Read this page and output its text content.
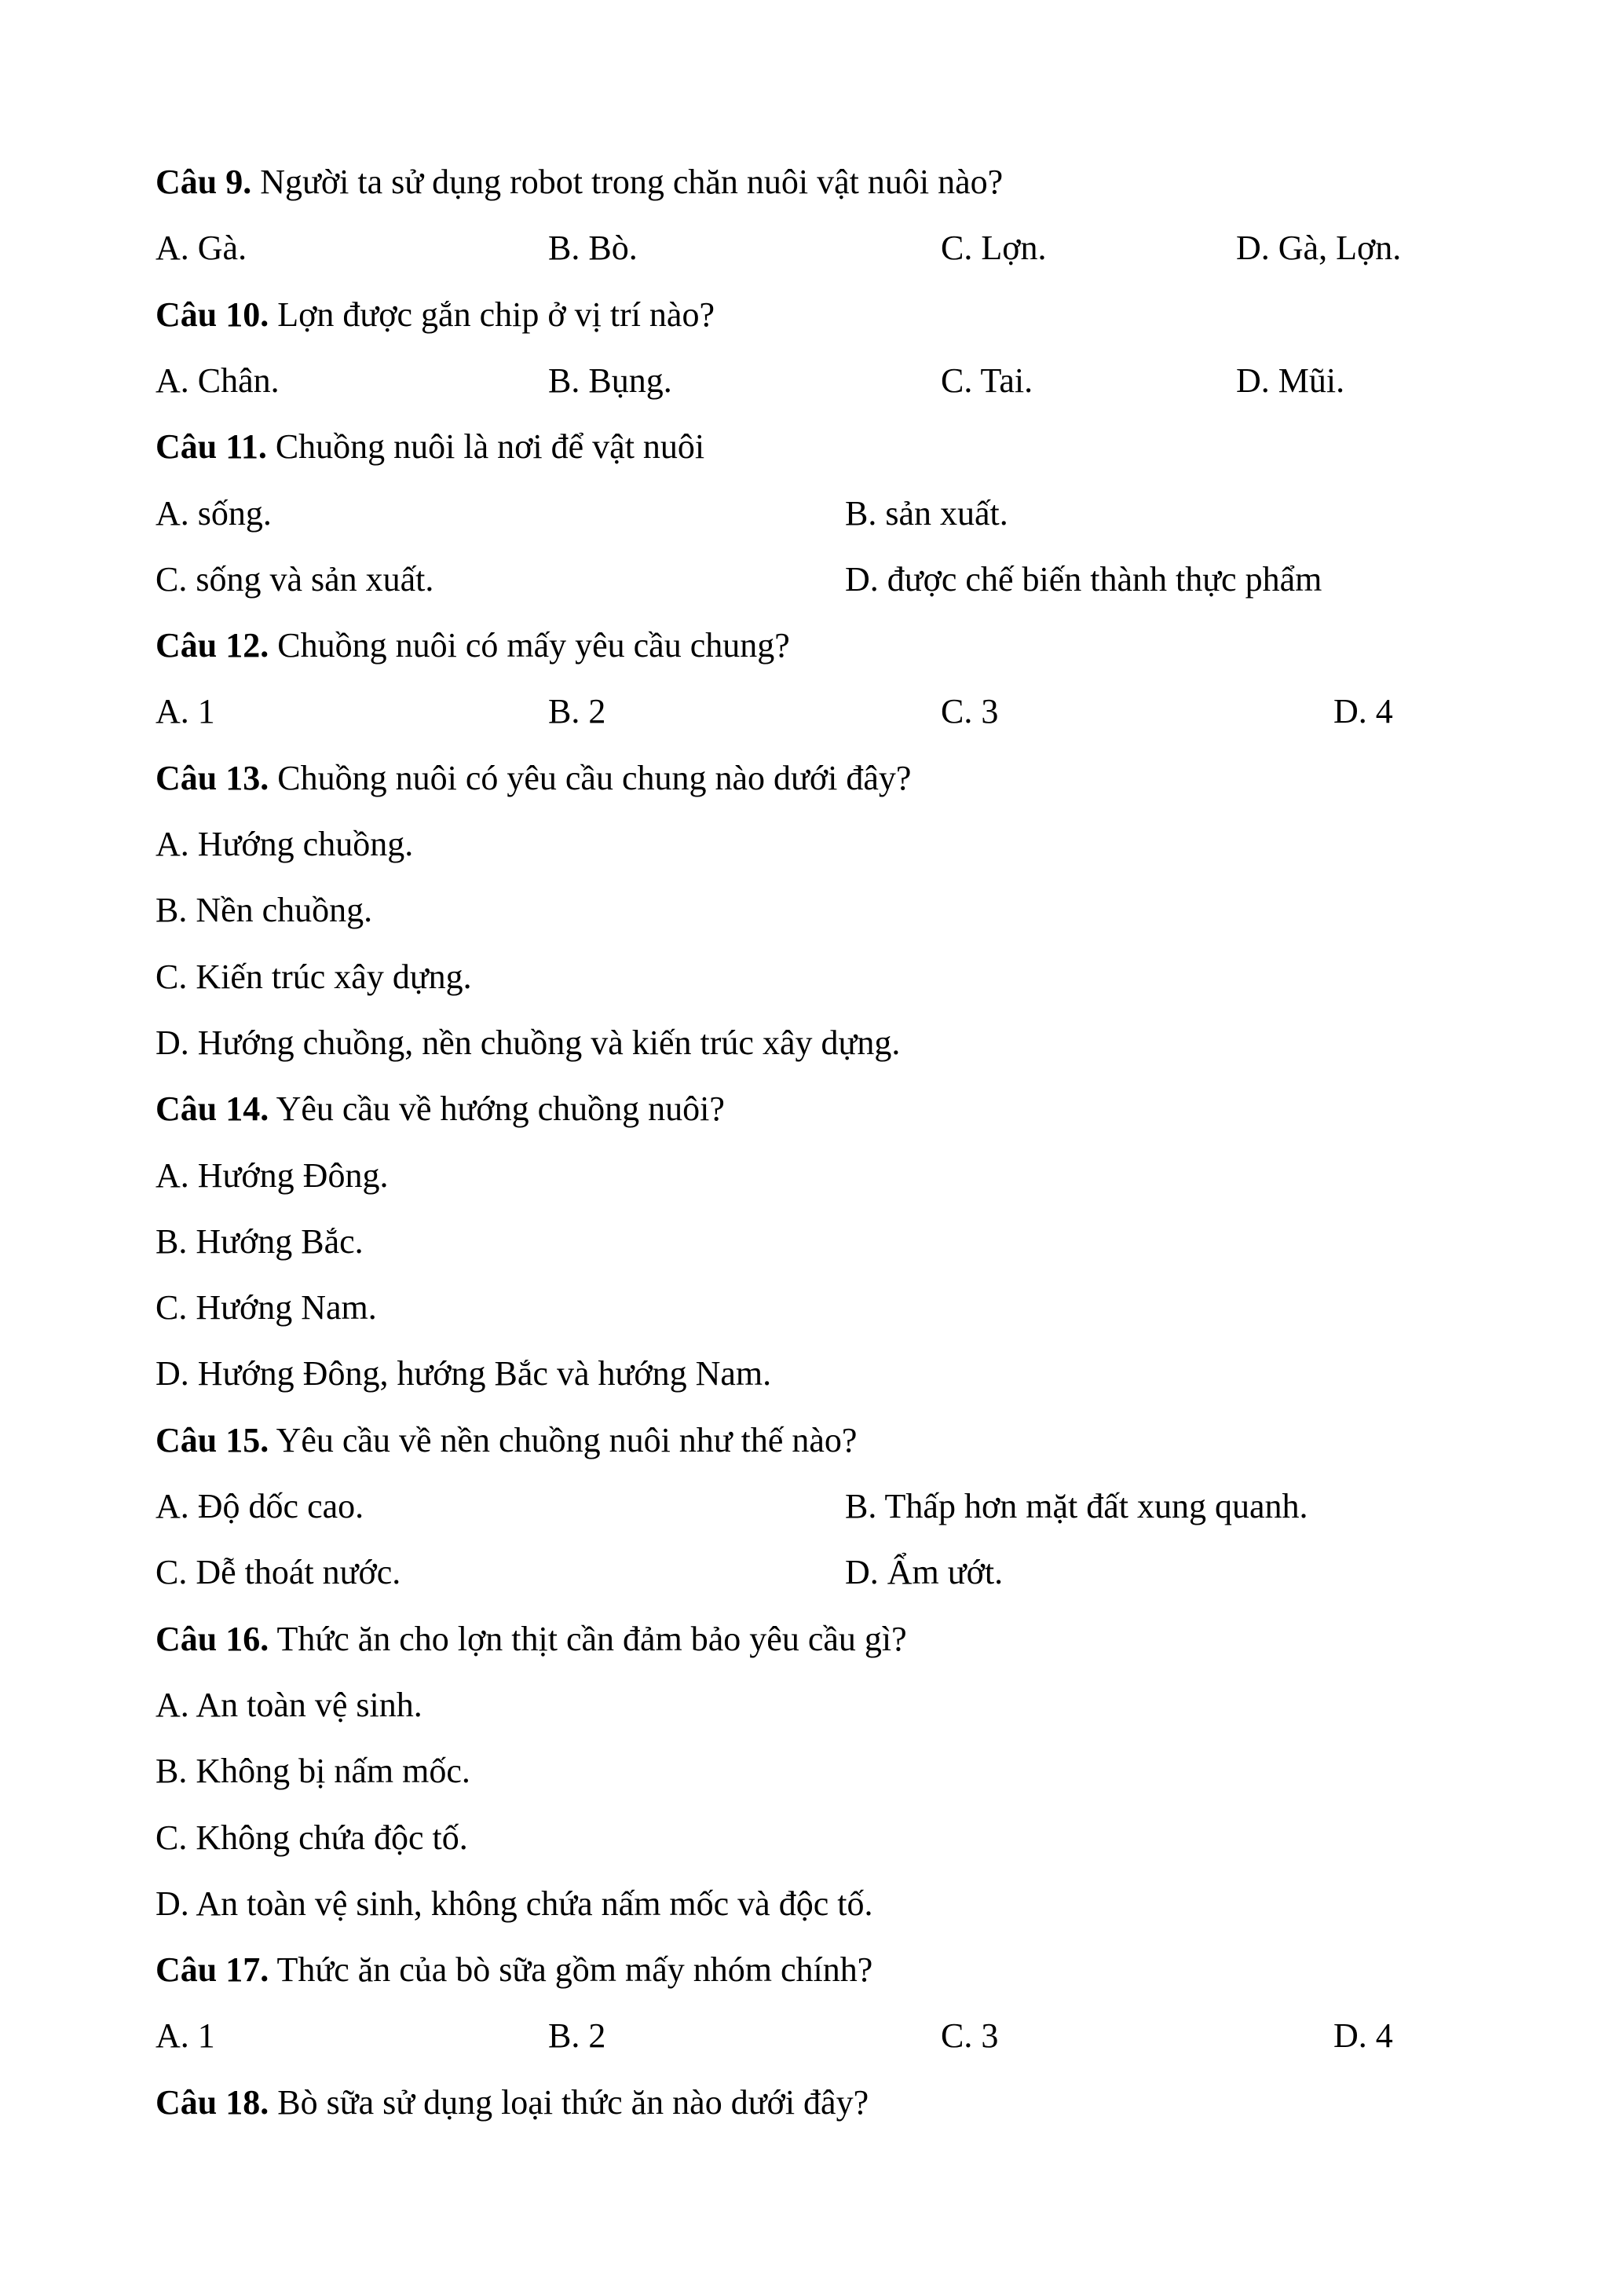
Câu 9. Người ta sử dụng robot trong chăn nuôi vật nuôi nào?
A. Gà.	B. Bò.	C. Lợn.	D. Gà, Lợn.
Câu 10. Lợn được gắn chip ở vị trí nào?
A. Chân.	B. Bụng.	C. Tai.	D. Mũi.
Câu 11. Chuồng nuôi là nơi để vật nuôi
A. sống.	B. sản xuất.
C. sống và sản xuất.	D. được chế biến thành thực phẩm
Câu 12. Chuồng nuôi có mấy yêu cầu chung?
A. 1	B. 2	C. 3	D. 4
Câu 13. Chuồng nuôi có yêu cầu chung nào dưới đây?
A. Hướng chuồng.
B. Nền chuồng.
C. Kiến trúc xây dựng.
D. Hướng chuồng, nền chuồng và kiến trúc xây dựng.
Câu 14. Yêu cầu về hướng chuồng nuôi?
A. Hướng Đông.
B. Hướng Bắc.
C. Hướng Nam.
D. Hướng Đông, hướng Bắc và hướng Nam.
Câu 15. Yêu cầu về nền chuồng nuôi như thế nào?
A. Độ dốc cao.	B. Thấp hơn mặt đất xung quanh.
C. Dễ thoát nước.	D. Ẩm ướt.
Câu 16. Thức ăn cho lợn thịt cần đảm bảo yêu cầu gì?
A. An toàn vệ sinh.
B. Không bị nấm mốc.
C. Không chứa độc tố.
D. An toàn vệ sinh, không chứa nấm mốc và độc tố.
Câu 17. Thức ăn của bò sữa gồm mấy nhóm chính?
A. 1	B. 2	C. 3	D. 4
Câu 18. Bò sữa sử dụng loại thức ăn nào dưới đây?
